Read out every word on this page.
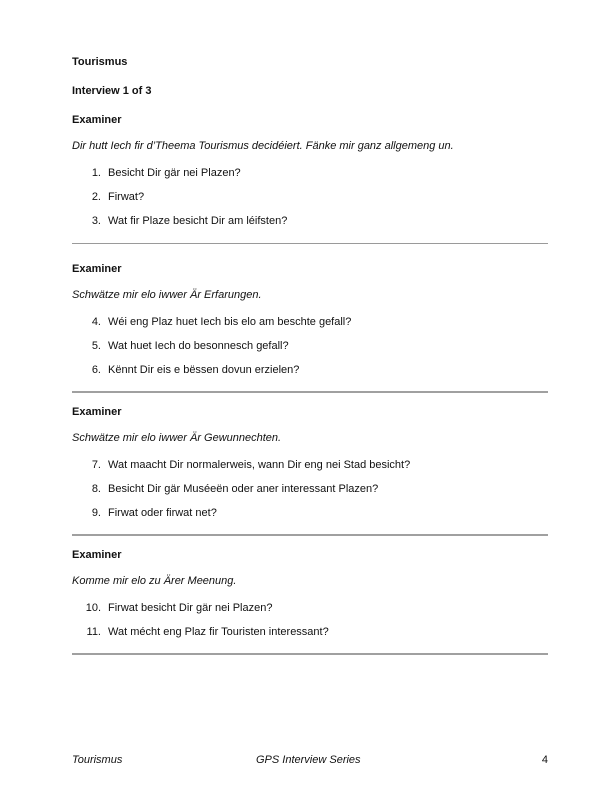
Tourismus
Interview 1 of 3
Examiner
Dir hutt Iech fir d’Theema Tourismus decidéiert. Fänke mir ganz allgemeng un.
1. Besicht Dir gär nei Plazen?
2. Firwat?
3. Wat fir Plaze besicht Dir am léifsten?
Examiner
Schwätze mir elo iwwer Är Erfarungen.
4. Wéi eng Plaz huet Iech bis elo am beschte gefall?
5. Wat huet Iech do besonnesch gefall?
6. Kënnt Dir eis e bëssen dovun erzielen?
Examiner
Schwätze mir elo iwwer Är Gewunnechten.
7. Wat maacht Dir normalerweis, wann Dir eng nei Stad besicht?
8. Besicht Dir gär Muséeën oder aner interessant Plazen?
9. Firwat oder firwat net?
Examiner
Komme mir elo zu Ärer Meenung.
10. Firwat besicht Dir gär nei Plazen?
11. Wat mécht eng Plaz fir Touristen interessant?
Tourismus	GPS Interview Series	4
